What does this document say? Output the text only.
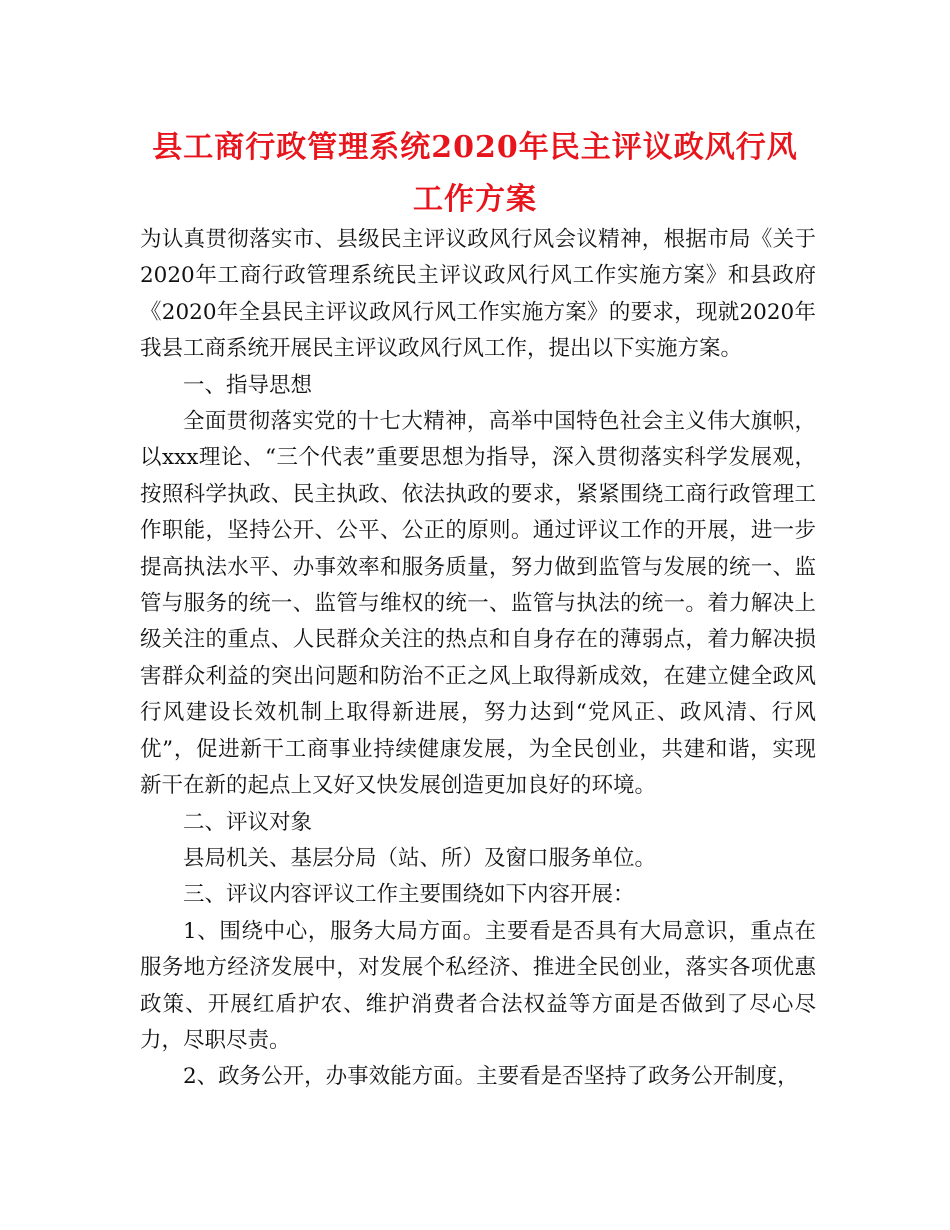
县工商行政管理系统2020年民主评议政风行风工作方案

为认真贯彻落实市、县级民主评议政风行风会议精神，根据市局《关于2020年工商行政管理系统民主评议政风行风工作实施方案》和县政府《2020年全县民主评议政风行风工作实施方案》的要求，现就2020年我县工商系统开展民主评议政风行风工作，提出以下实施方案。

一、指导思想

全面贯彻落实党的十七大精神，高举中国特色社会主义伟大旗帜，以xxx理论、“三个代表”重要思想为指导，深入贯彻落实科学发展观，按照科学执政、民主执政、依法执政的要求，紧紧围绕工商行政管理工作职能，坚持公开、公平、公正的原则。通过评议工作的开展，进一步提高执法水平、办事效率和服务质量，努力做到监管与发展的统一、监管与服务的统一、监管与维权的统一、监管与执法的统一。着力解决上级关注的重点、人民群众关注的热点和自身存在的薄弱点，着力解决损害群众利益的突出问题和防治不正之风上取得新成效，在建立健全政风行风建设长效机制上取得新进展，努力达到“党风正、政风清、行风优”，促进新干工商事业持续健康发展，为全民创业，共建和谐，实现新干在新的起点上又好又快发展创造更加良好的环境。

二、评议对象

县局机关、基层分局（站、所）及窗口服务单位。

三、评议内容评议工作主要围绕如下内容开展：

1、围绕中心，服务大局方面。主要看是否具有大局意识，重点在服务地方经济发展中，对发展个私经济、推进全民创业，落实各项优惠政策、开展红盾护农、维护消费者合法权益等方面是否做到了尽心尽力，尽职尽责。

2、政务公开，办事效能方面。主要看是否坚持了政务公开制度，
